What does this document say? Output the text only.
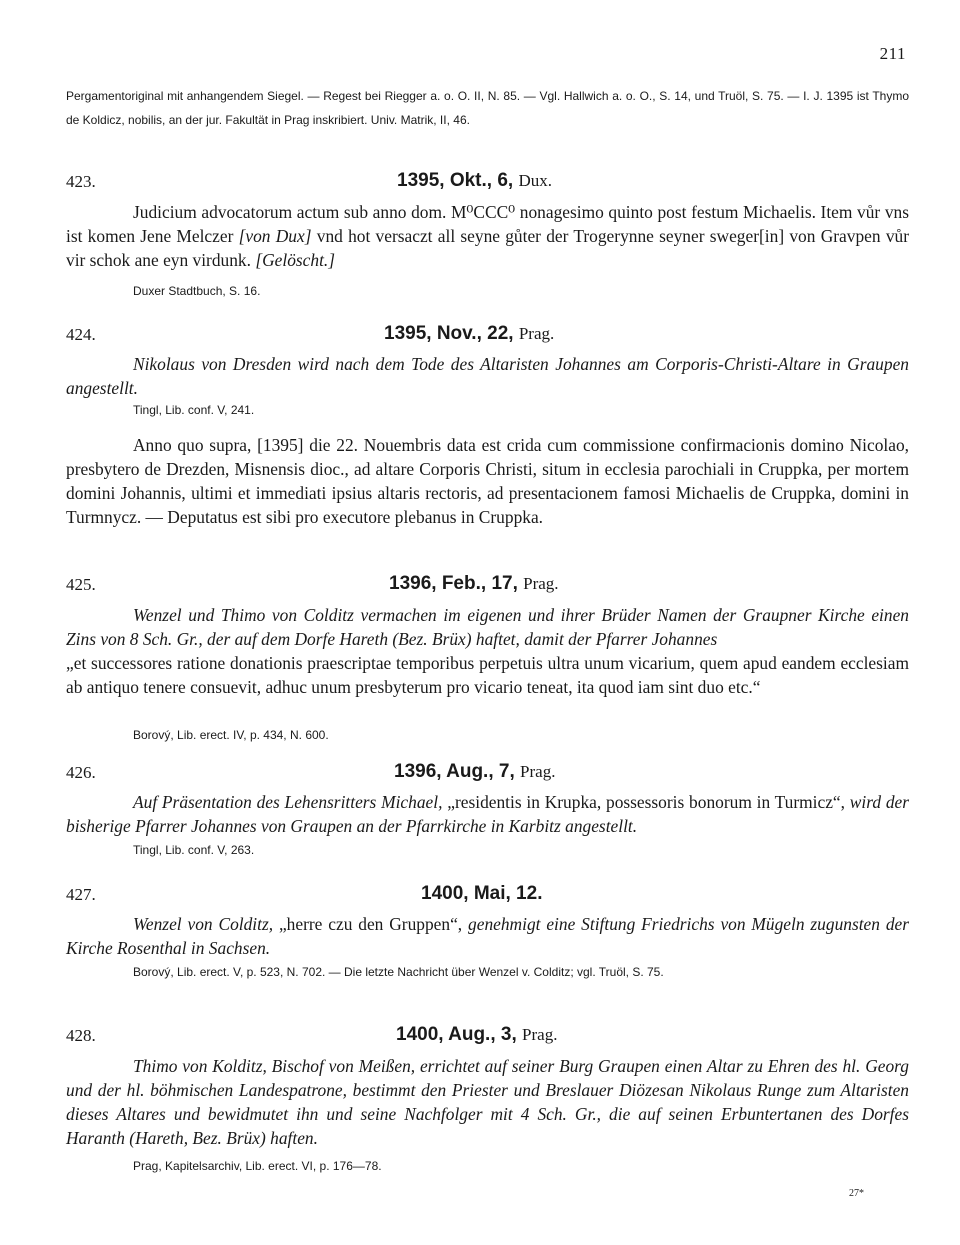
211
Pergamentoriginal mit anhangendem Siegel. — Regest bei Riegger a. o. O. II, N. 85. — Vgl. Hallwich a. o. O., S. 14, und Truöl, S. 75. — I. J. 1395 ist Thymo de Koldicz, nobilis, an der jur. Fakultät in Prag inskribiert. Univ. Matrik, II, 46.
423.	1395, Okt., 6, Dux.
Judicium advocatorum actum sub anno dom. M⁰CCC⁰ nonagesimo quinto post festum Michaelis. Item vůr vns ist komen Jene Melczer [von Dux] vnd hot versaczt all seyne gůter der Trogerynne seyner sweger[in] von Gravpen vůr vir schok ane eyn virdunk. [Gelöscht.]
Duxer Stadtbuch, S. 16.
424.	1395, Nov., 22, Prag.
Nikolaus von Dresden wird nach dem Tode des Altaristen Johannes am Corporis-Christi-Altare in Graupen angestellt.
Tingl, Lib. conf. V, 241.
Anno quo supra, [1395] die 22. Nouembris data est crida cum commissione confirmacionis domino Nicolao, presbytero de Drezden, Misnensis dioc., ad altare Corporis Christi, situm in ecclesia parochiali in Cruppka, per mortem domini Johannis, ultimi et immediati ipsius altaris rectoris, ad presentacionem famosi Michaelis de Cruppka, domini in Turmnycz. — Deputatus est sibi pro executore plebanus in Cruppka.
425.	1396, Feb., 17, Prag.
Wenzel und Thimo von Colditz vermachen im eigenen und ihrer Brüder Namen der Graupner Kirche einen Zins von 8 Sch. Gr., der auf dem Dorfe Hareth (Bez. Brüx) haftet, damit der Pfarrer Johannes
„et successores ratione donationis praescriptae temporibus perpetuis ultra unum vicarium, quem apud eandem ecclesiam ab antiquo tenere consuevit, adhuc unum presbyterum pro vicario teneat, ita quod iam sint duo etc.“
Borový, Lib. erect. IV, p. 434, N. 600.
426.	1396, Aug., 7, Prag.
Auf Präsentation des Lehensritters Michael, „residentis in Krupka, possessoris bonorum in Turmicz“, wird der bisherige Pfarrer Johannes von Graupen an der Pfarrkirche in Karbitz angestellt.
Tingl, Lib. conf. V, 263.
427.	1400, Mai, 12.
Wenzel von Colditz, „herre czu den Gruppen“, genehmigt eine Stiftung Friedrichs von Mügeln zugunsten der Kirche Rosenthal in Sachsen.
Borový, Lib. erect. V, p. 523, N. 702. — Die letzte Nachricht über Wenzel v. Colditz; vgl. Truöl, S. 75.
428.	1400, Aug., 3, Prag.
Thimo von Kolditz, Bischof von Meißen, errichtet auf seiner Burg Graupen einen Altar zu Ehren des hl. Georg und der hl. böhmischen Landespatrone, bestimmt den Priester und Breslauer Diözesan Nikolaus Runge zum Altaristen dieses Altares und bewidmutet ihn und seine Nachfolger mit 4 Sch. Gr., die auf seinen Erbuntertanen des Dorfes Haranth (Hareth, Bez. Brüx) haften.
Prag, Kapitelsarchiv, Lib. erect. VI, p. 176—78.
27*
